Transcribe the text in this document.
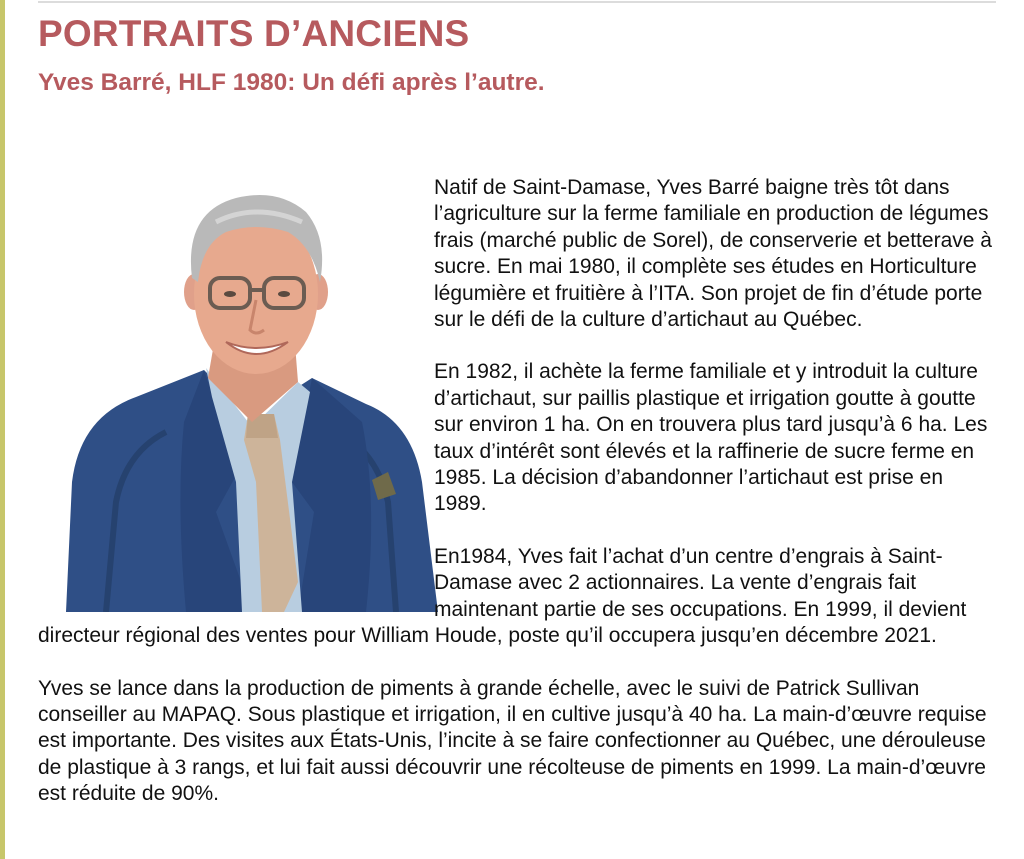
PORTRAITS D’ANCIENS
Yves Barré, HLF 1980: Un défi après l’autre.

Natif de Saint-Damase, Yves Barré baigne très tôt dans l’agriculture sur la ferme familiale en production de légumes frais (marché public de Sorel), de conserverie et betterave à sucre. En mai 1980, il complète ses études en Horticulture légumière et fruitière à l’ITA. Son projet de fin d’étude porte sur le défi de la culture d’artichaut au Québec.

En 1982, il achète la ferme familiale et y introduit la culture d’artichaut, sur paillis plastique et irrigation goutte à goutte sur environ 1 ha. On en trouvera plus tard jusqu’à 6 ha. Les taux d’intérêt sont élevés et la raffinerie de sucre ferme en 1985. La décision d’abandonner l’artichaut est prise en 1989.

En1984, Yves fait l’achat d’un centre d’engrais à Saint-Damase avec 2 actionnaires. La vente d’engrais fait maintenant partie de ses occupations. En 1999, il devient directeur régional des ventes pour William Houde, poste qu’il occupera jusqu’en décembre 2021.

Yves se lance dans la production de piments à grande échelle, avec le suivi de Patrick Sullivan conseiller au MAPAQ. Sous plastique et irrigation, il en cultive jusqu’à 40 ha. La main-d’œuvre requise est importante. Des visites aux États-Unis, l’incite à se faire confectionner au Québec, une dérouleuse de plastique à 3 rangs, et lui fait aussi découvrir une récolteuse de piments en 1999. La main-d’œuvre est réduite de 90%.
